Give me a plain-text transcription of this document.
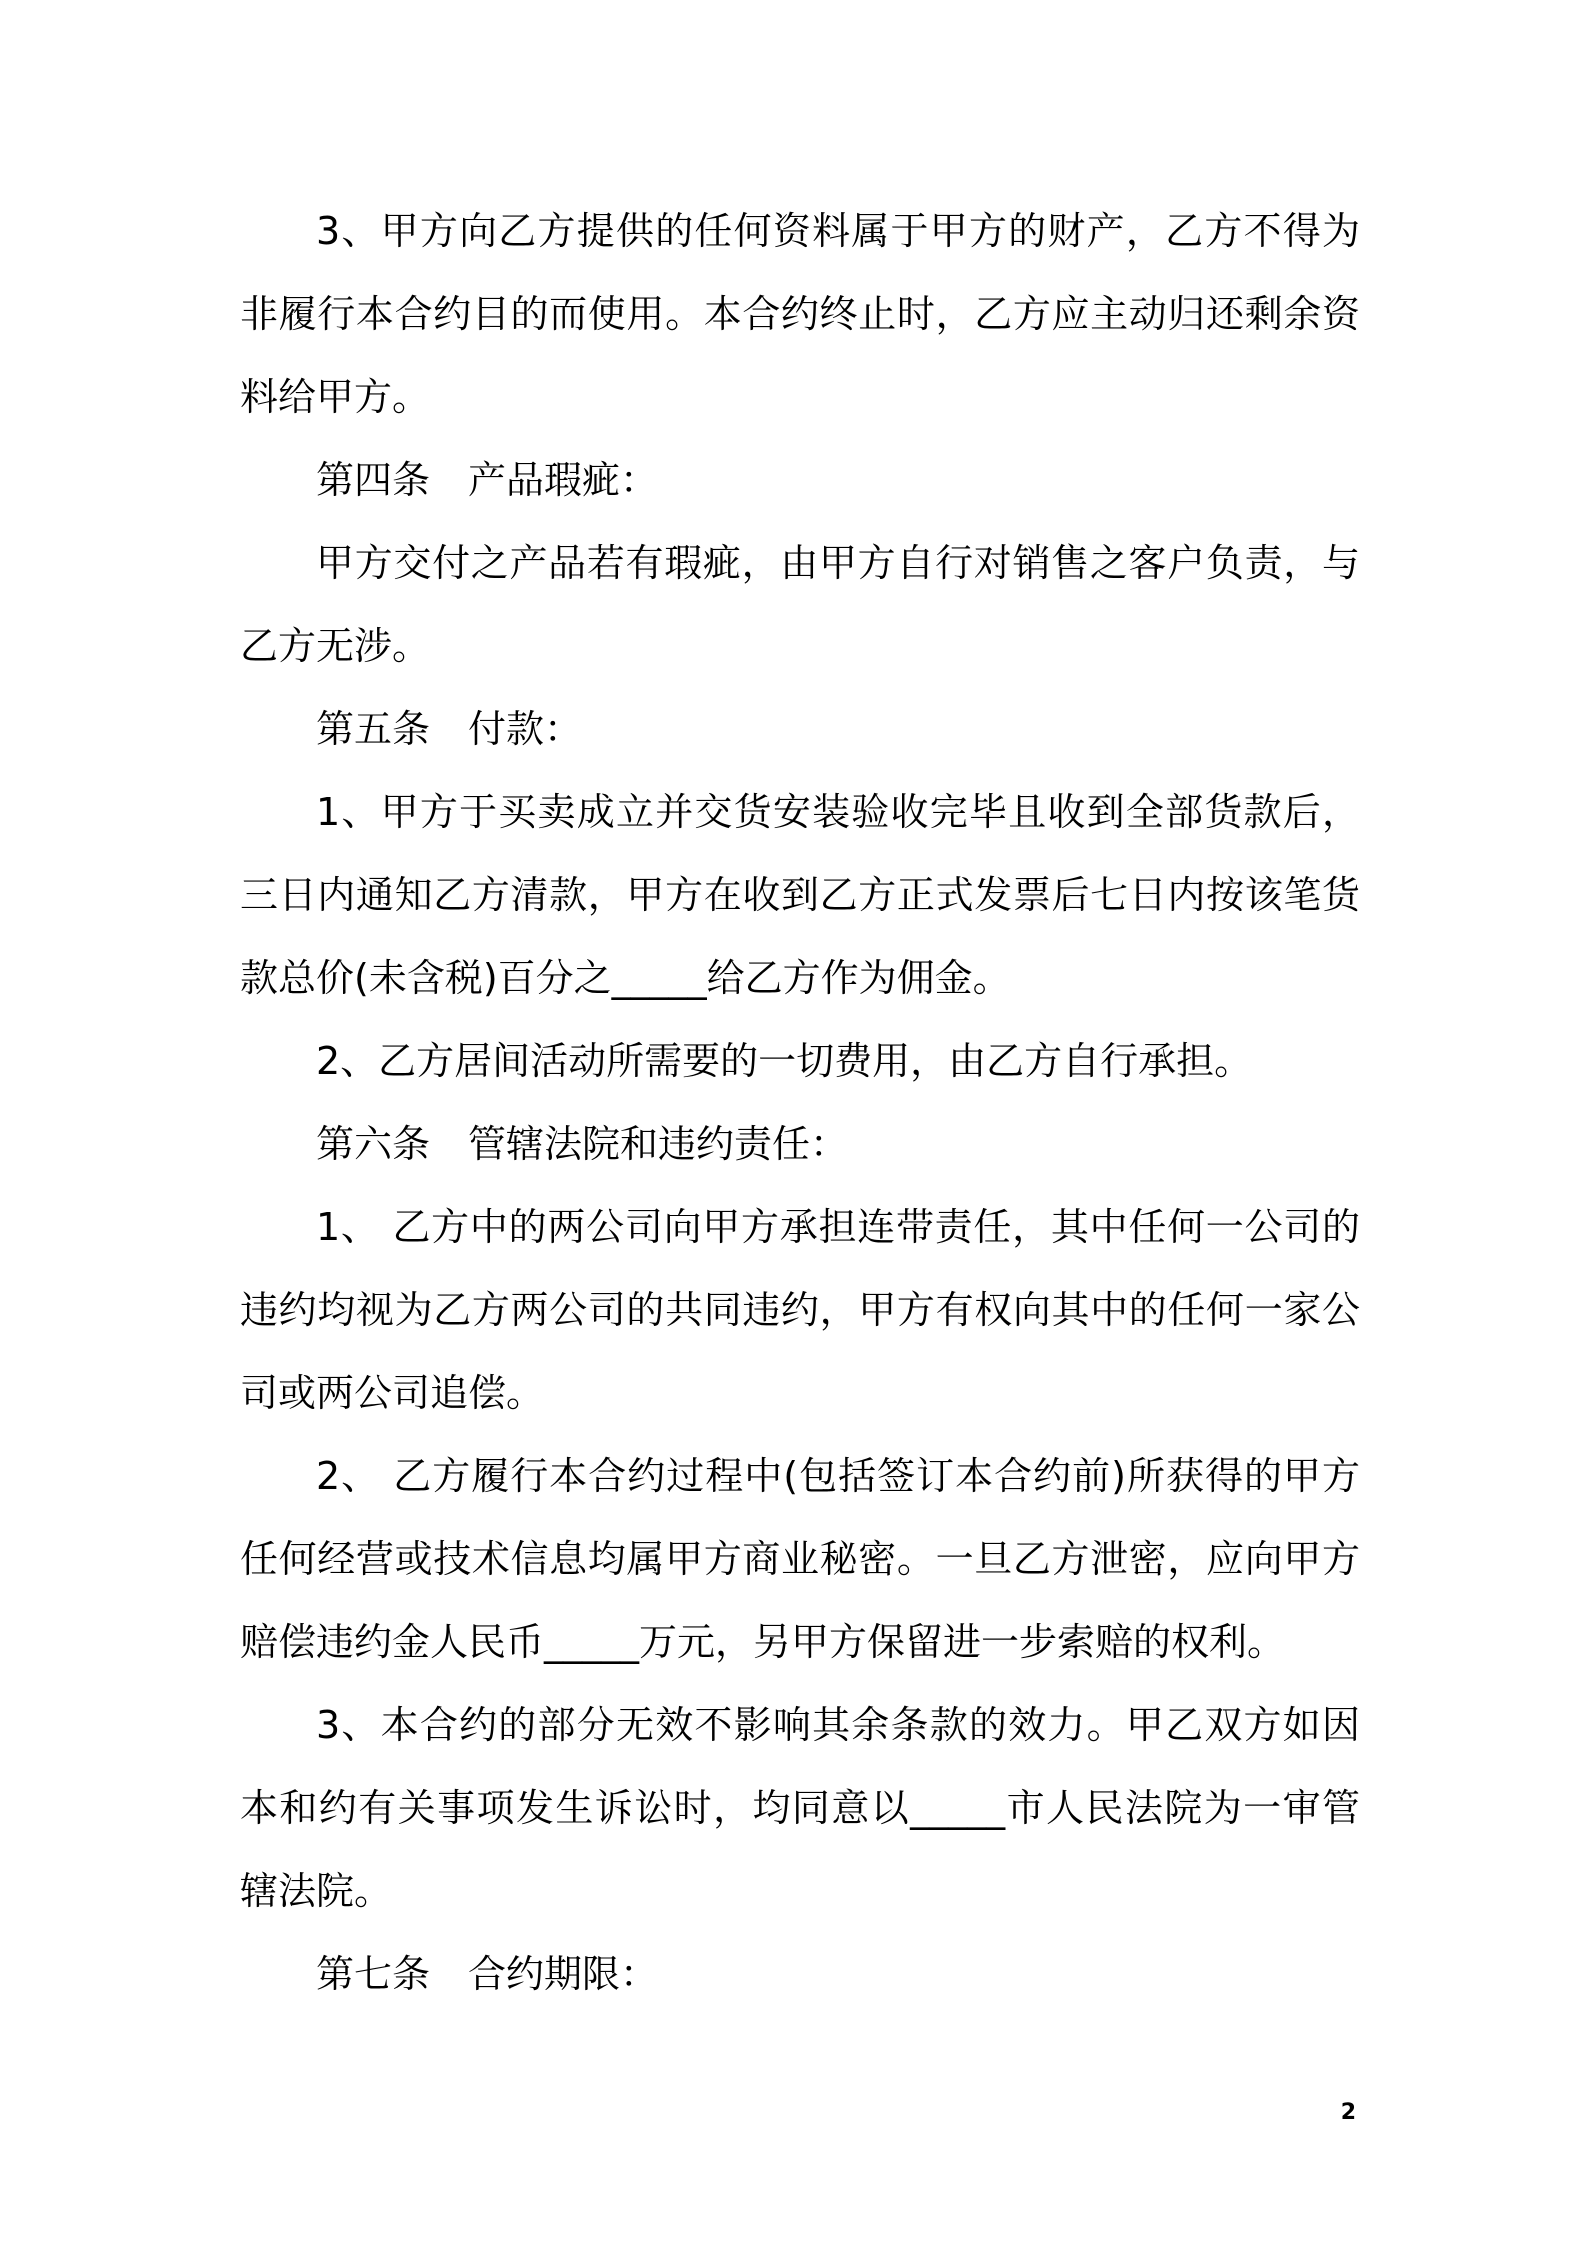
3、甲方向乙方提供的任何资料属于甲方的财产，乙方不得为非履行本合约目的而使用。本合约终止时，乙方应主动归还剩余资料给甲方。

第四条　产品瑕疵：

甲方交付之产品若有瑕疵，由甲方自行对销售之客户负责，与乙方无涉。

第五条　付款：

1、甲方于买卖成立并交货安装验收完毕且收到全部货款后，三日内通知乙方清款，甲方在收到乙方正式发票后七日内按该笔货款总价(未含税)百分之_____给乙方作为佣金。

2、乙方居间活动所需要的一切费用，由乙方自行承担。

第六条　管辖法院和违约责任：

1、 乙方中的两公司向甲方承担连带责任，其中任何一公司的违约均视为乙方两公司的共同违约，甲方有权向其中的任何一家公司或两公司追偿。

2、 乙方履行本合约过程中(包括签订本合约前)所获得的甲方任何经营或技术信息均属甲方商业秘密。一旦乙方泄密，应向甲方赔偿违约金人民币_____万元，另甲方保留进一步索赔的权利。

3、本合约的部分无效不影响其余条款的效力。甲乙双方如因本和约有关事项发生诉讼时，均同意以_____市人民法院为一审管辖法院。

第七条　合约期限：

2
